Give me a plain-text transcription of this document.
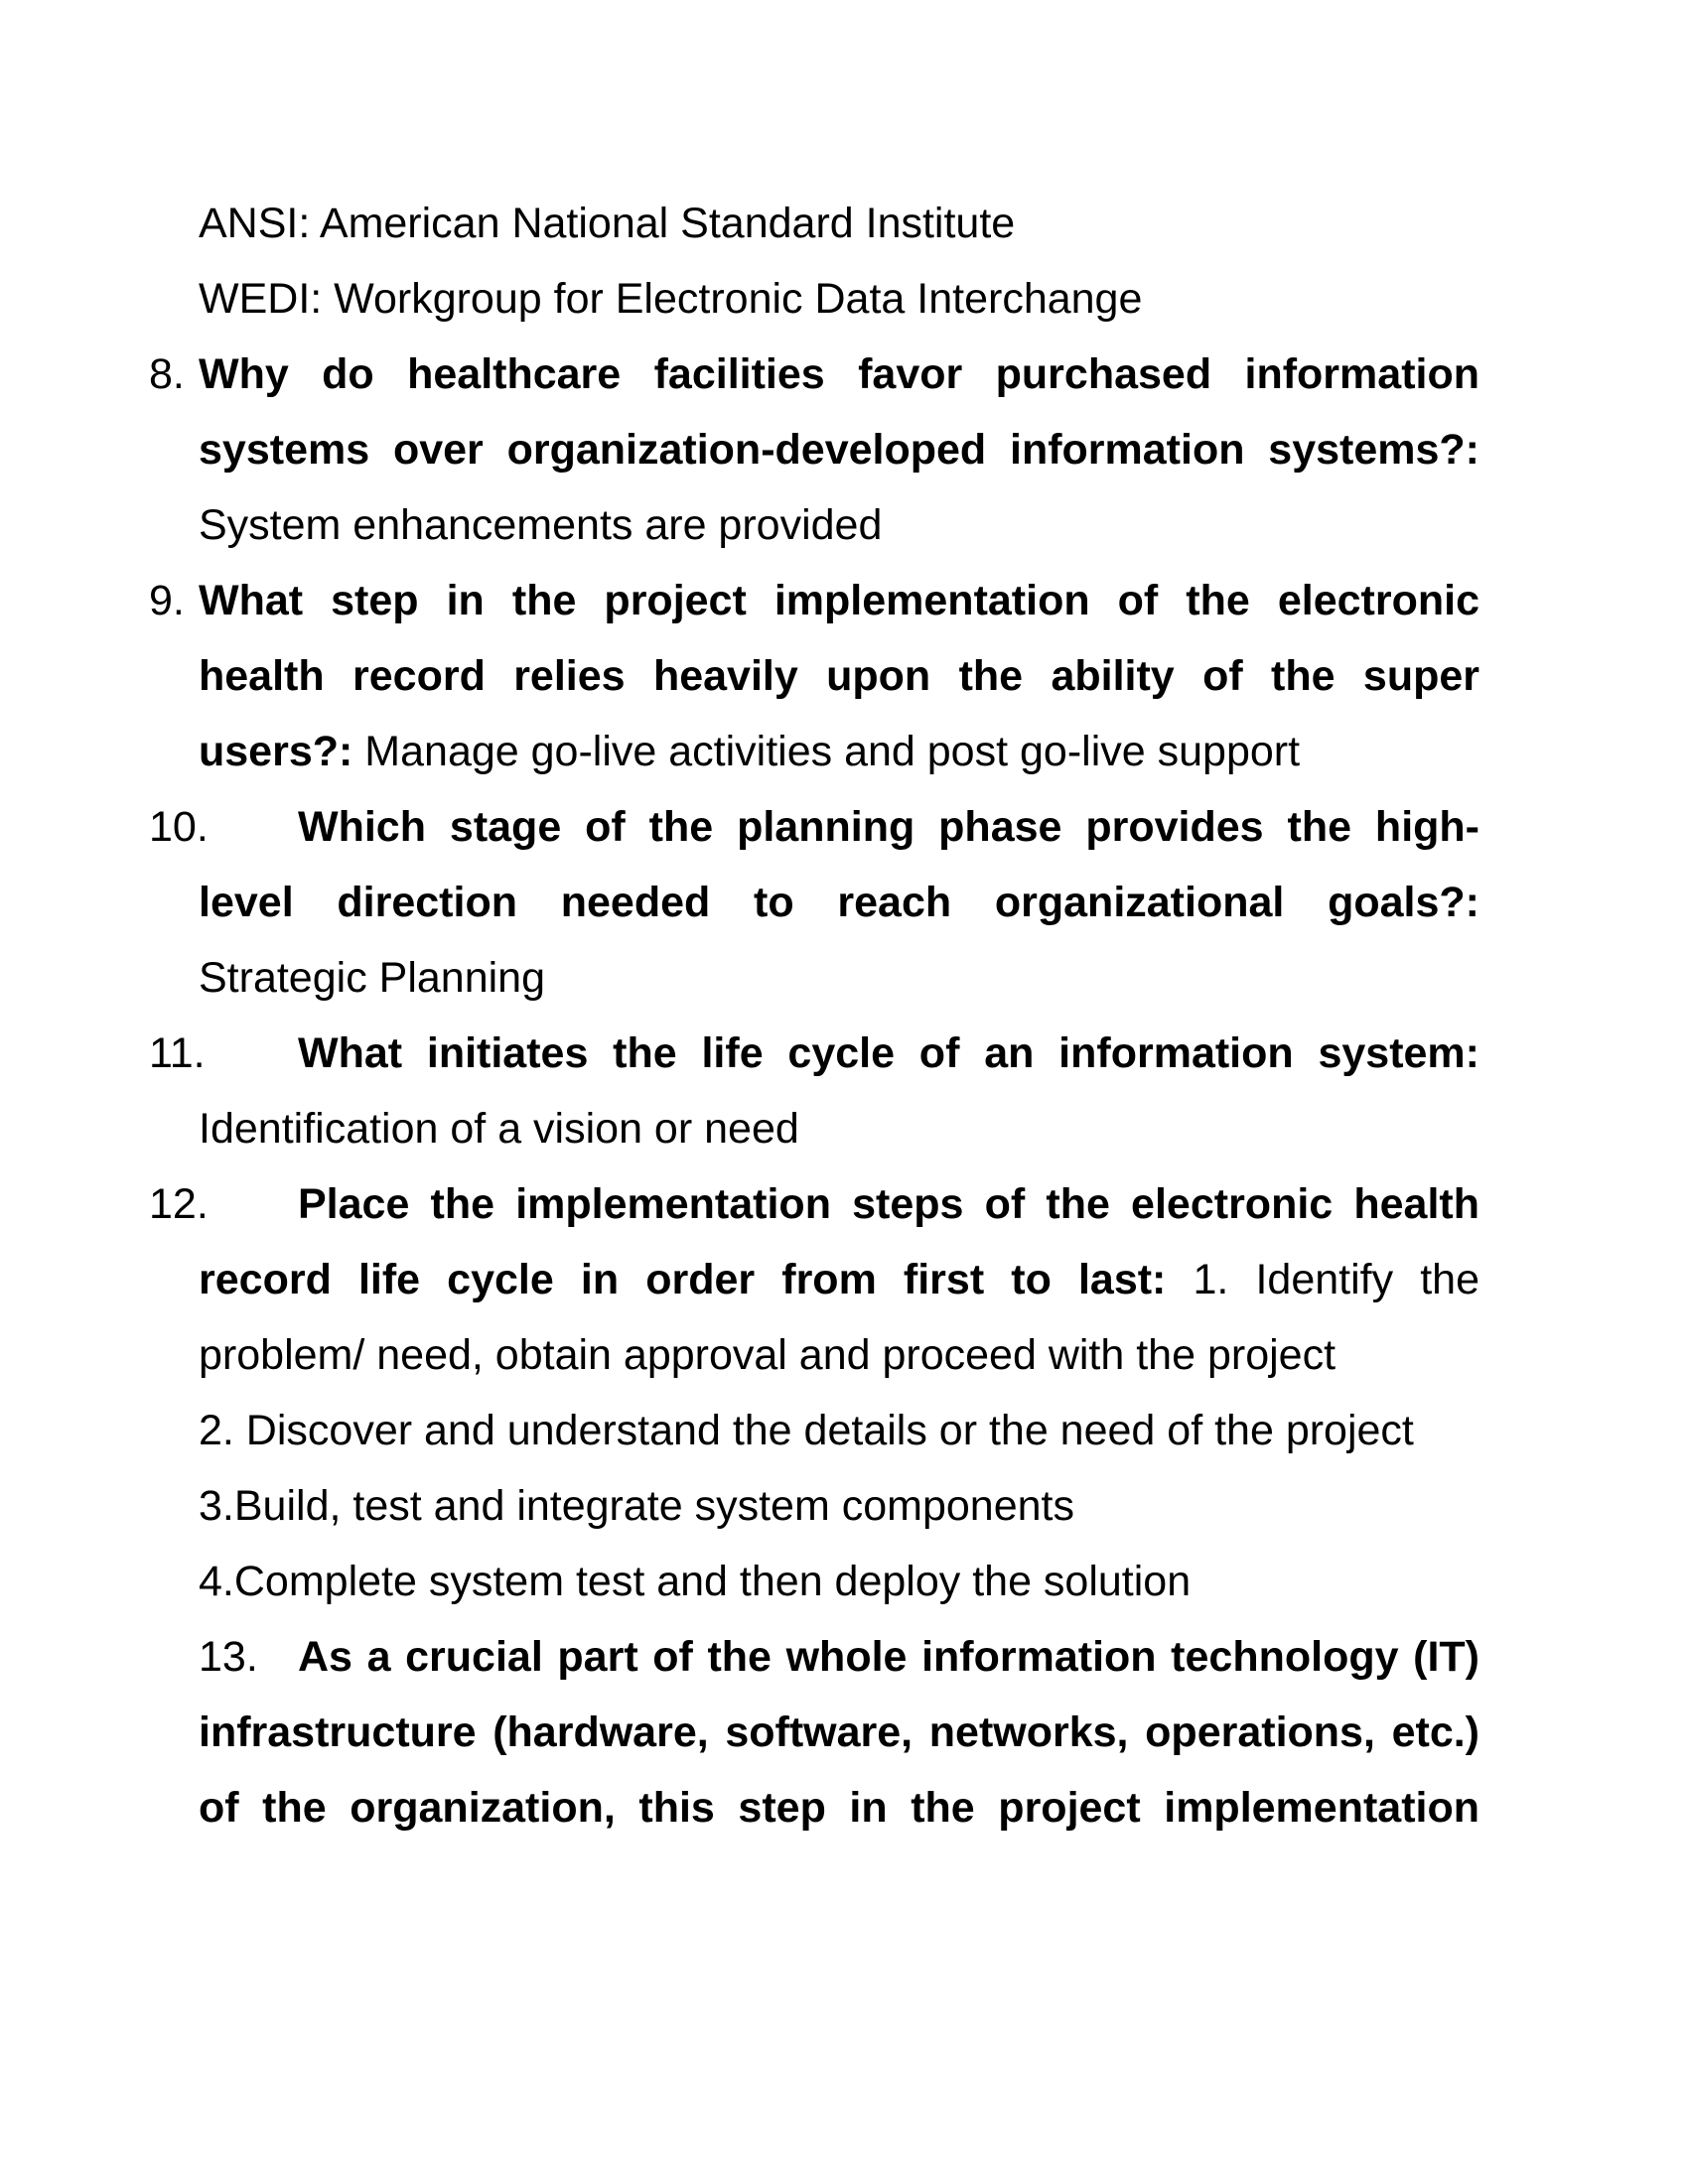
ANSI: American National Standard Institute
WEDI: Workgroup for Electronic Data Interchange
8. Why do healthcare facilities favor purchased information
systems over organization-developed information systems?:
System enhancements are provided
9. What step in the project implementation of the electronic
health record relies heavily upon the ability of the super
users?: Manage go-live activities and post go-live support
10. Which stage of the planning phase provides the high-
level direction needed to reach organizational goals?:
Strategic Planning
11. What initiates the life cycle of an information system:
Identification of a vision or need
12. Place the implementation steps of the electronic health
record life cycle in order from first to last: 1. Identify the
problem/ need, obtain approval and proceed with the project
2. Discover and understand the details or the need of the project
3.Build, test and integrate system components
4.Complete system test and then deploy the solution
13. As a crucial part of the whole information technology (IT)
infrastructure (hardware, software, networks, operations, etc.)
of the organization, this step in the project implementation
